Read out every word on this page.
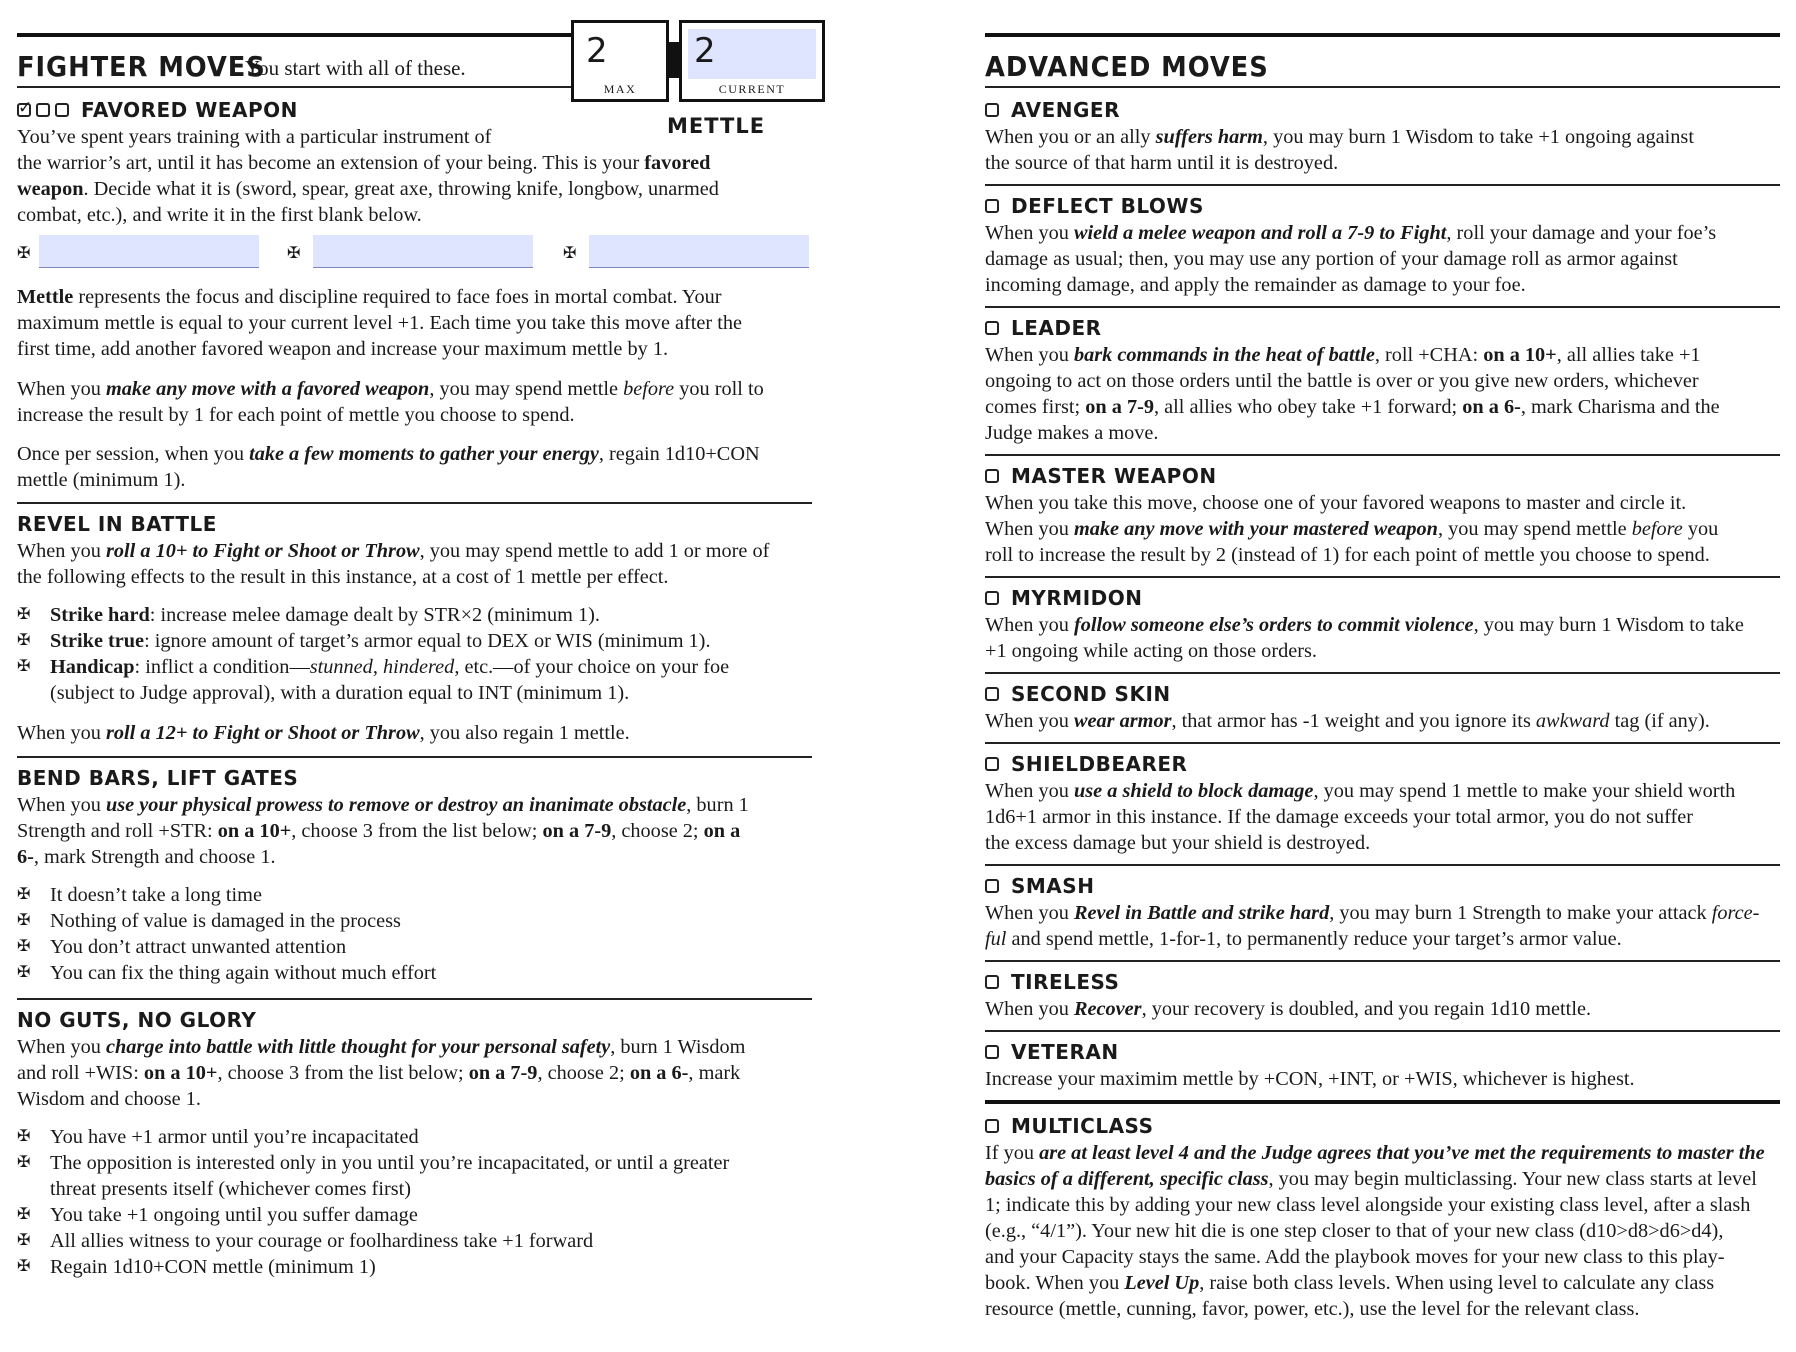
FIGHTER MOVES
You start with all of these.	2
MAX
2
CURRENT
METTLE
✓
FAVORED WEAPON
You’ve spent years training with a particular instrument of
the warrior’s art, until it has become an extension of your being. This is your favored
weapon. Decide what it is (sword, spear, great axe, throwing knife, longbow, unarmed
combat, etc.), and write it in the first blank below.
✠	✠	✠
Mettle represents the focus and discipline required to face foes in mortal combat. Your
maximum mettle is equal to your current level +1. Each time you take this move after the
first time, add another favored weapon and increase your maximum mettle by 1.
When you make any move with a favored weapon, you may spend mettle before you roll to
increase the result by 1 for each point of mettle you choose to spend.
Once per session, when you take a few moments to gather your energy, regain 1d10+CON
mettle (minimum 1).
REVEL IN BATTLE
When you roll a 10+ to Fight or Shoot or Throw, you may spend mettle to add 1 or more of
the following effects to the result in this instance, at a cost of 1 mettle per effect.
✠ Strike hard: increase melee damage dealt by STR×2 (minimum 1).
✠ Strike true: ignore amount of target’s armor equal to DEX or WIS (minimum 1).
✠ Handicap: inflict a condition—stunned, hindered, etc.—of your choice on your foe
(subject to Judge approval), with a duration equal to INT (minimum 1).
When you roll a 12+ to Fight or Shoot or Throw, you also regain 1 mettle.
BEND BARS, LIFT GATES
When you use your physical prowess to remove or destroy an inanimate obstacle, burn 1
Strength and roll +STR: on a 10+, choose 3 from the list below; on a 7-9, choose 2; on a
6-, mark Strength and choose 1.
✠ It doesn’t take a long time
✠ Nothing of value is damaged in the process
✠ You don’t attract unwanted attention
✠ You can fix the thing again without much effort
NO GUTS, NO GLORY
When you charge into battle with little thought for your personal safety, burn 1 Wisdom
and roll +WIS: on a 10+, choose 3 from the list below; on a 7-9, choose 2; on a 6-, mark
Wisdom and choose 1.
✠ You have +1 armor until you’re incapacitated
✠ The opposition is interested only in you until you’re incapacitated, or until a greater
threat presents itself (whichever comes first)
✠ You take +1 ongoing until you suffer damage
✠ All allies witness to your courage or foolhardiness take +1 forward
✠ Regain 1d10+CON mettle (minimum 1)
ADVANCED MOVES
AVENGER
When you or an ally suffers harm, you may burn 1 Wisdom to take +1 ongoing against
the source of that harm until it is destroyed.
DEFLECT BLOWS
When you wield a melee weapon and roll a 7-9 to Fight, roll your damage and your foe’s
damage as usual; then, you may use any portion of your damage roll as armor against
incoming damage, and apply the remainder as damage to your foe.
LEADER
When you bark commands in the heat of battle, roll +CHA: on a 10+, all allies take +1
ongoing to act on those orders until the battle is over or you give new orders, whichever
comes first; on a 7-9, all allies who obey take +1 forward; on a 6-, mark Charisma and the
Judge makes a move.
MASTER WEAPON
When you take this move, choose one of your favored weapons to master and circle it.
When you make any move with your mastered weapon, you may spend mettle before you
roll to increase the result by 2 (instead of 1) for each point of mettle you choose to spend.
MYRMIDON
When you follow someone else’s orders to commit violence, you may burn 1 Wisdom to take
+1 ongoing while acting on those orders.
SECOND SKIN
When you wear armor, that armor has -1 weight and you ignore its awkward tag (if any).
SHIELDBEARER
When you use a shield to block damage, you may spend 1 mettle to make your shield worth
1d6+1 armor in this instance. If the damage exceeds your total armor, you do not suffer
the excess damage but your shield is destroyed.
SMASH
When you Revel in Battle and strike hard, you may burn 1 Strength to make your attack force-
ful and spend mettle, 1-for-1, to permanently reduce your target’s armor value.
TIRELESS
When you Recover, your recovery is doubled, and you regain 1d10 mettle.
VETERAN
Increase your maximim mettle by +CON, +INT, or +WIS, whichever is highest.
MULTICLASS
If you are at least level 4 and the Judge agrees that you’ve met the requirements to master the
basics of a different, specific class, you may begin multiclassing. Your new class starts at level
1; indicate this by adding your new class level alongside your existing class level, after a slash
(e.g., “4/1”). Your new hit die is one step closer to that of your new class (d10>d8>d6>d4),
and your Capacity stays the same. Add the playbook moves for your new class to this play-
book. When you Level Up, raise both class levels. When using level to calculate any class
resource (mettle, cunning, favor, power, etc.), use the level for the relevant class.
